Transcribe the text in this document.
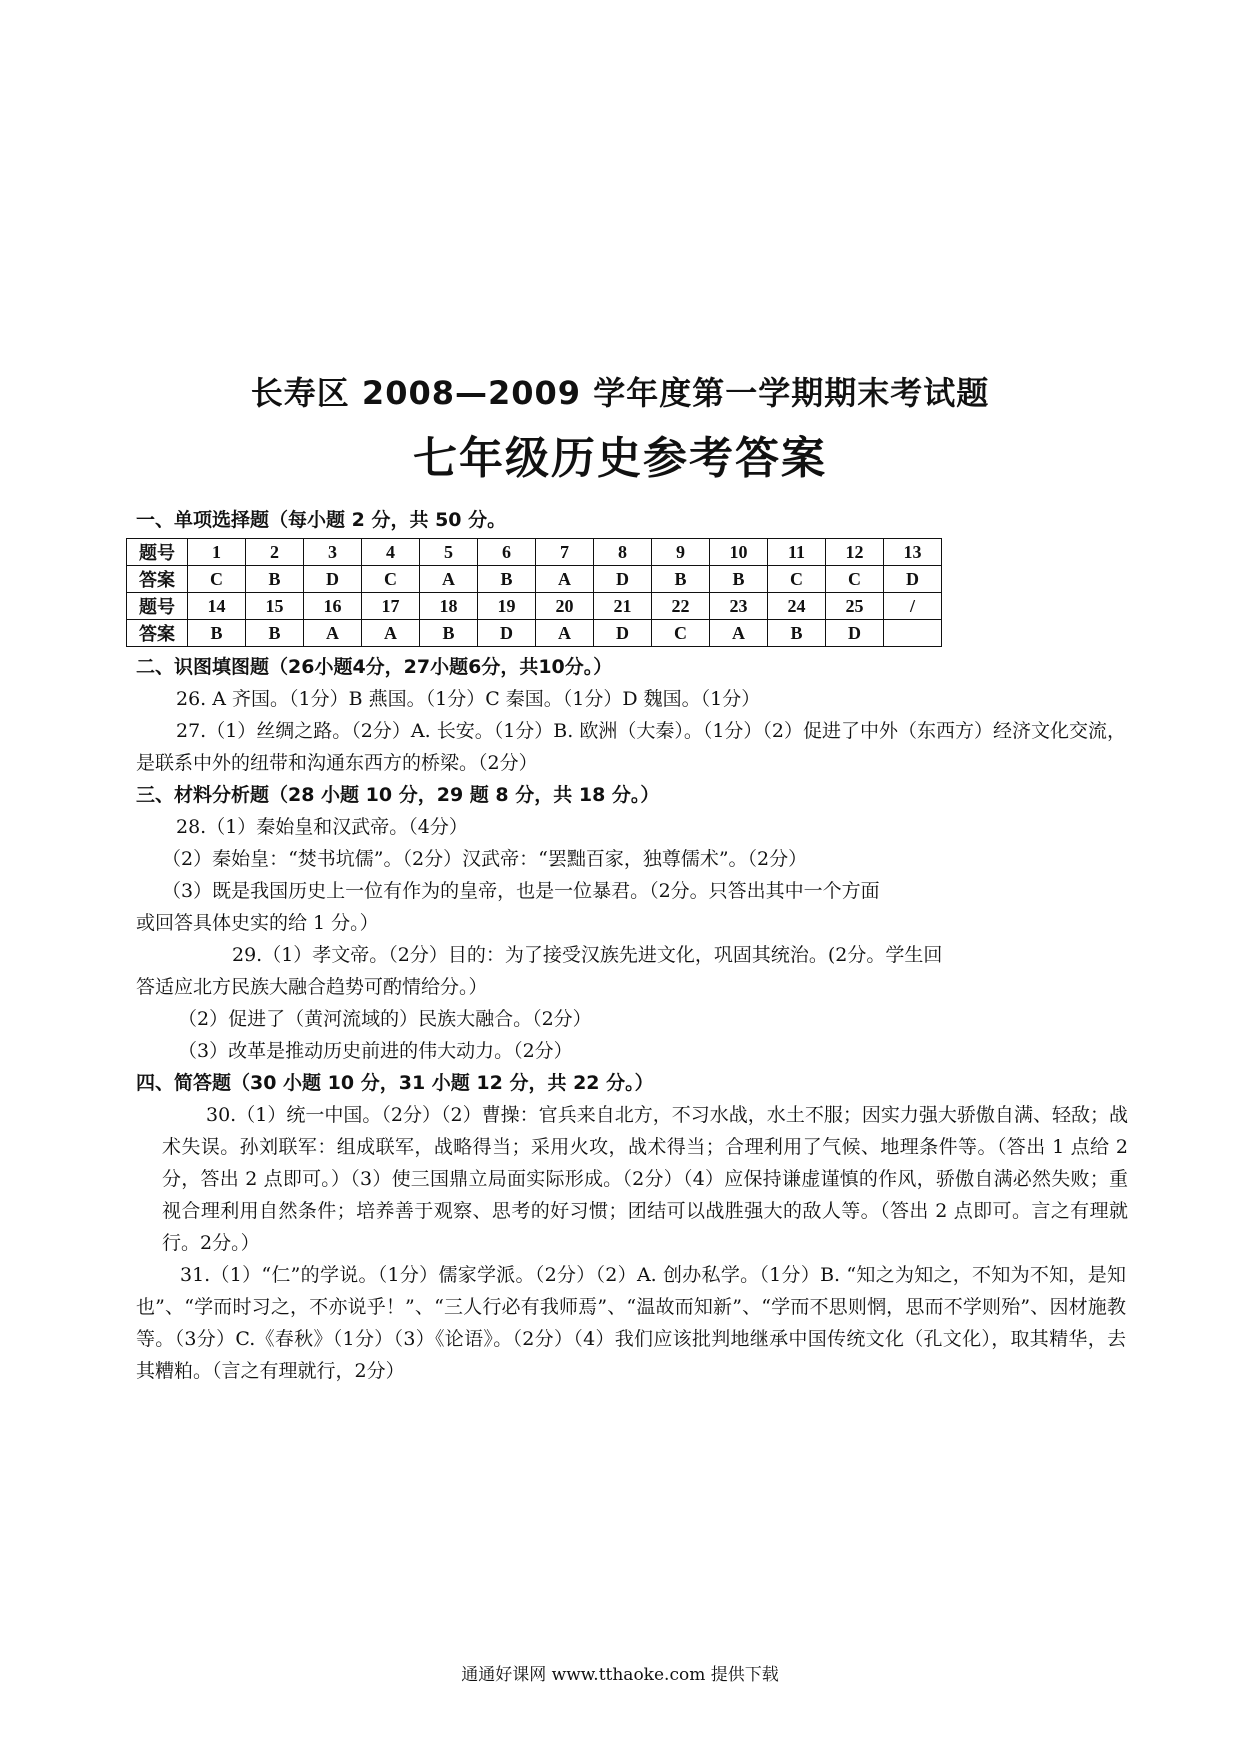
长寿区 2008—2009 学年度第一学期期末考试题
七年级历史参考答案
一、单项选择题（每小题 2 分，共 50 分。
题号	1	2	3	4	5	6	7	8	9	10	11	12	13
答案	C	B	D	C	A	B	A	D	B	B	C	C	D
题号	14	15	16	17	18	19	20	21	22	23	24	25	/
答案	B	B	A	A	B	D	A	D	C	A	B	D	
二、识图填图题（26小题4分，27小题6分，共10分。）
26. A 齐国。（1分）B 燕国。（1分）C 秦国。（1分）D 魏国。（1分）
27.（1）丝绸之路。（2分）A. 长安。（1分）B. 欧洲（大秦）。（1分）（2）促进了中外（东西方）经济文化交流，是联系中外的纽带和沟通东西方的桥梁。（2分）
三、材料分析题（28 小题 10 分，29 题 8 分，共 18 分。）
28.（1）秦始皇和汉武帝。（4分）
（2）秦始皇：“焚书坑儒”。（2分）汉武帝：“罢黜百家，独尊儒术”。（2分）
（3）既是我国历史上一位有作为的皇帝，也是一位暴君。（2分。只答出其中一个方面
或回答具体史实的给 1 分。）
29.（1）孝文帝。（2分）目的：为了接受汉族先进文化，巩固其统治。(2分。学生回
答适应北方民族大融合趋势可酌情给分。）
（2）促进了（黄河流域的）民族大融合。（2分）
（3）改革是推动历史前进的伟大动力。（2分）
四、简答题（30 小题 10 分，31 小题 12 分，共 22 分。）
30.（1）统一中国。（2分）（2）曹操：官兵来自北方，不习水战，水土不服；因实力强大骄傲自满、轻敌；战术失误。孙刘联军：组成联军，战略得当；采用火攻，战术得当；合理利用了气候、地理条件等。（答出 1 点给 2 分，答出 2 点即可。）（3）使三国鼎立局面实际形成。（2分）（4）应保持谦虚谨慎的作风，骄傲自满必然失败；重视合理利用自然条件；培养善于观察、思考的好习惯；团结可以战胜强大的敌人等。（答出 2 点即可。言之有理就行。2分。）
31.（1）“仁”的学说。（1分）儒家学派。（2分）（2）A. 创办私学。（1分）B. “知之为知之，不知为不知，是知也”、“学而时习之，不亦说乎！”、“三人行必有我师焉”、“温故而知新”、“学而不思则惘，思而不学则殆”、因材施教等。（3分）C.《春秋》（1分）（3）《论语》。（2分）（4）我们应该批判地继承中国传统文化（孔文化），取其精华，去其糟粕。（言之有理就行，2分）
通通好课网 www.tthaoke.com 提供下载
